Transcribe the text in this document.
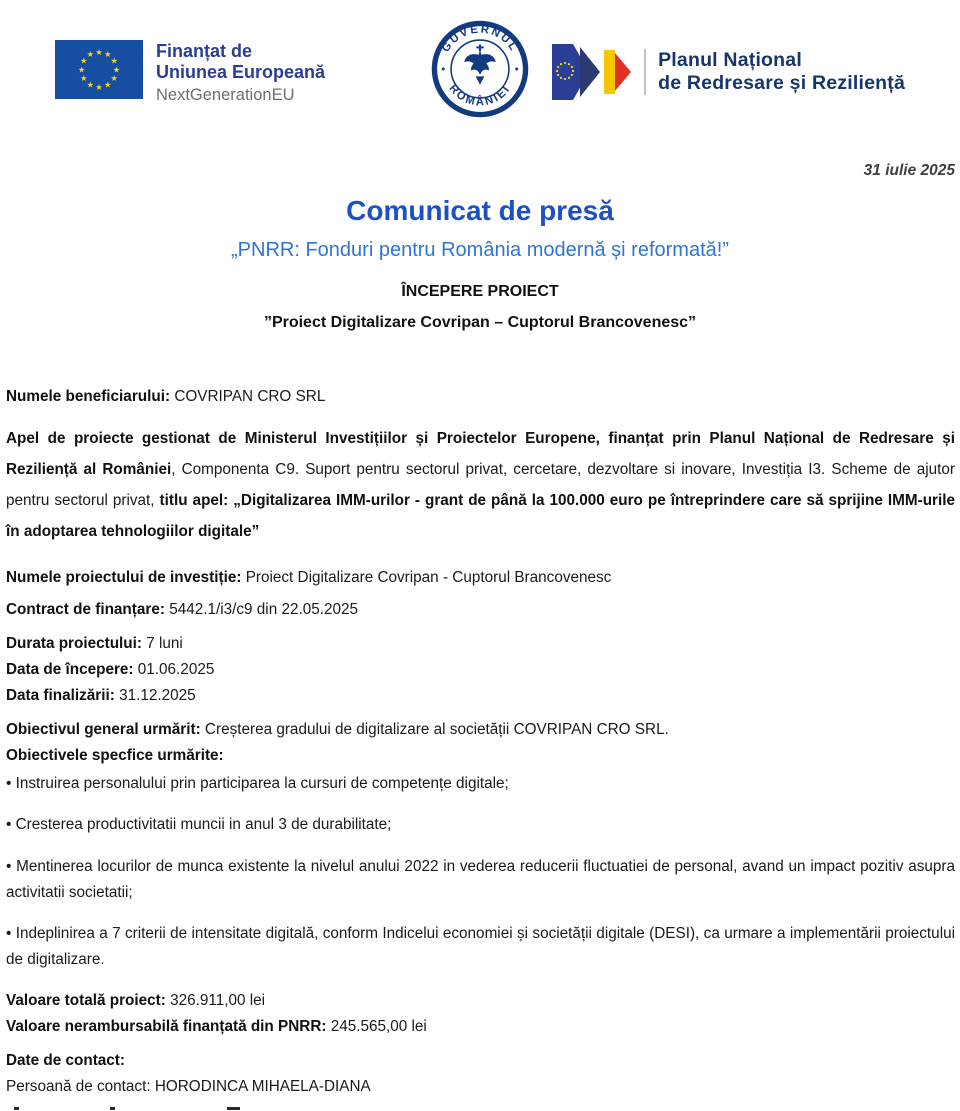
★ ★
★
★
★
★
★
★
★
★
★
★	Finanțat de
Uniunea Europeană
NextGenerationEU
GUVERNUL
ROMÂNIEI
Planul Național
de Redresare și Reziliență
31 iulie 2025
Comunicat de presă
„PNRR: Fonduri pentru România modernă și reformată!”
ÎNCEPERE PROIECT
”Proiect Digitalizare Covripan – Cuptorul Brancovenesc”

Numele beneficiarului: COVRIPAN CRO SRL

Apel de proiecte gestionat de Ministerul Investițiilor și Proiectelor Europene, finanțat prin Planul Național de Redresare și Reziliență al României, Componenta C9. Suport pentru sectorul privat, cercetare, dezvoltare si inovare, Investiția I3. Scheme de ajutor pentru sectorul privat, titlu apel: „Digitalizarea IMM-urilor - grant de până la 100.000 euro pe întreprindere care să sprijine IMM-urile în adoptarea tehnologiilor digitale”

Numele proiectului de investiție: Proiect Digitalizare Covripan - Cuptorul Brancovenesc

Contract de finanțare: 5442.1/i3/c9 din 22.05.2025

Durata proiectului: 7 luni

Data de începere: 01.06.2025

Data finalizării: 31.12.2025

Obiectivul general urmărit: Creșterea gradului de digitalizare al societății COVRIPAN CRO SRL.

Obiectivele specfice urmărite:

• Instruirea personalului prin participarea la cursuri de competențe digitale;

• Cresterea productivitatii muncii in anul 3 de durabilitate;

• Mentinerea locurilor de munca existente la nivelul anului 2022 in vederea reducerii fluctuatiei de personal, avand un impact pozitiv asupra activitatii societatii;

• Indeplinirea a 7 criterii de intensitate digitală, conform Indicelui economiei și societății digitale (DESI), ca urmare a implementării proiectului de digitalizare.

Valoare totală proiect: 326.911,00 lei

Valoare nerambursabilă finanțată din PNRR: 245.565,00 lei

Date de contact:

Persoană de contact: HORODINCA MIHAELA-DIANA
